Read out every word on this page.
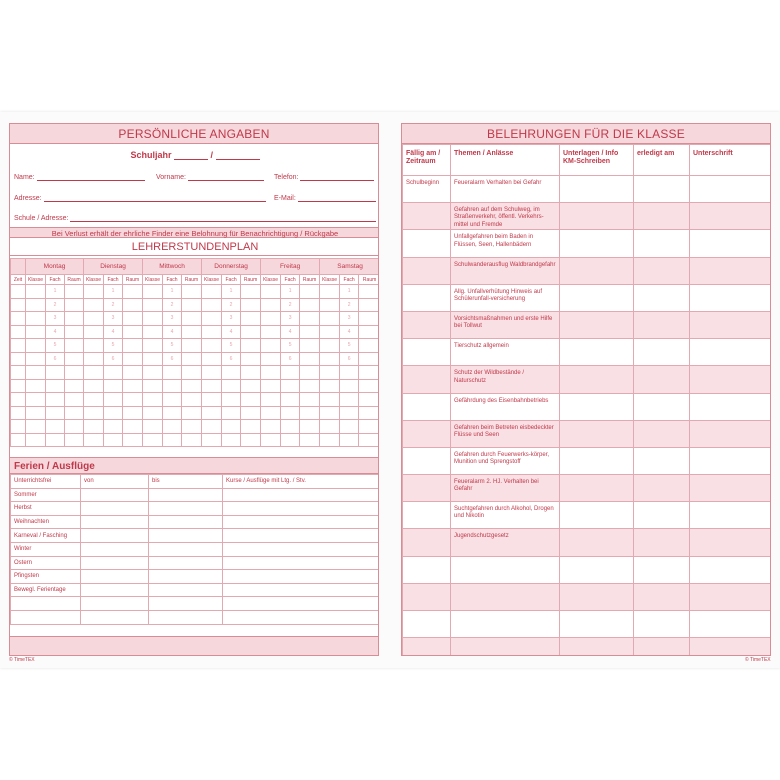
PERSÖNLICHE ANGABEN
Schuljahr	/
Name:	Vorname:	Telefon:
Adresse:	E-Mail:
Schule / Adresse:
Bei Verlust erhält der ehrliche Finder eine Belohnung für Benachrichtigung / Rückgabe
LEHRERSTUNDENPLAN
	Montag			Dienstag			Mittwoch			Donnerstag			Freitag			Samstag		
Zeit	Klasse	Fach	Raum	Klasse	Fach	Raum	Klasse	Fach	Raum	Klasse	Fach	Raum	Klasse	Fach	Raum	Klasse	Fach	Raum
		1			1			1			1			1			1	
		2			2			2			2			2			2	
		3			3			3			3			3			3	
		4			4			4			4			4			4	
		5			5			5			5			5			5	
		6			6			6			6			6			6	

Ferien / Ausflüge
Unterrichtsfrei	von	bis	Kurse / Ausflüge mit Ltg. / Stv.
Sommer			
Herbst			
Weihnachten			
Karneval / Fasching			
Winter			
Ostern			
Pfingsten			
Bewegl. Ferientage			

© TimeTEX
BELEHRUNGEN FÜR DIE KLASSE
Fällig am / Zeitraum	Themen / Anlässe	Unterlagen / Info KM-Schreiben	erledigt am	Unterschrift
Schulbeginn	Feueralarm Verhalten bei Gefahr			
	Gefahren auf dem Schulweg, im Straßenverkehr, öffentl. Verkehrs-mittel und Fremde			
	Unfallgefahren beim Baden in Flüssen, Seen, Hallenbädern			
	Schulwanderausflug Waldbrandgefahr			
	Allg. Unfallverhütung Hinweis auf Schülerunfall-versicherung			
	Vorsichtsmaßnahmen und erste Hilfe bei Tollwut			
	Tierschutz allgemein			
	Schutz der Wildbestände / Naturschutz			
	Gefährdung des Eisenbahnbetriebs			
	Gefahren beim Betreten eisbedeckter Flüsse und Seen			
	Gefahren durch Feuerwerks-körper, Munition und Sprengstoff			
	Feueralarm 2. HJ. Verhalten bei Gefahr			
	Suchtgefahren durch Alkohol, Drogen und Nikotin			
	Jugendschutzgesetz			

© TimeTEX
